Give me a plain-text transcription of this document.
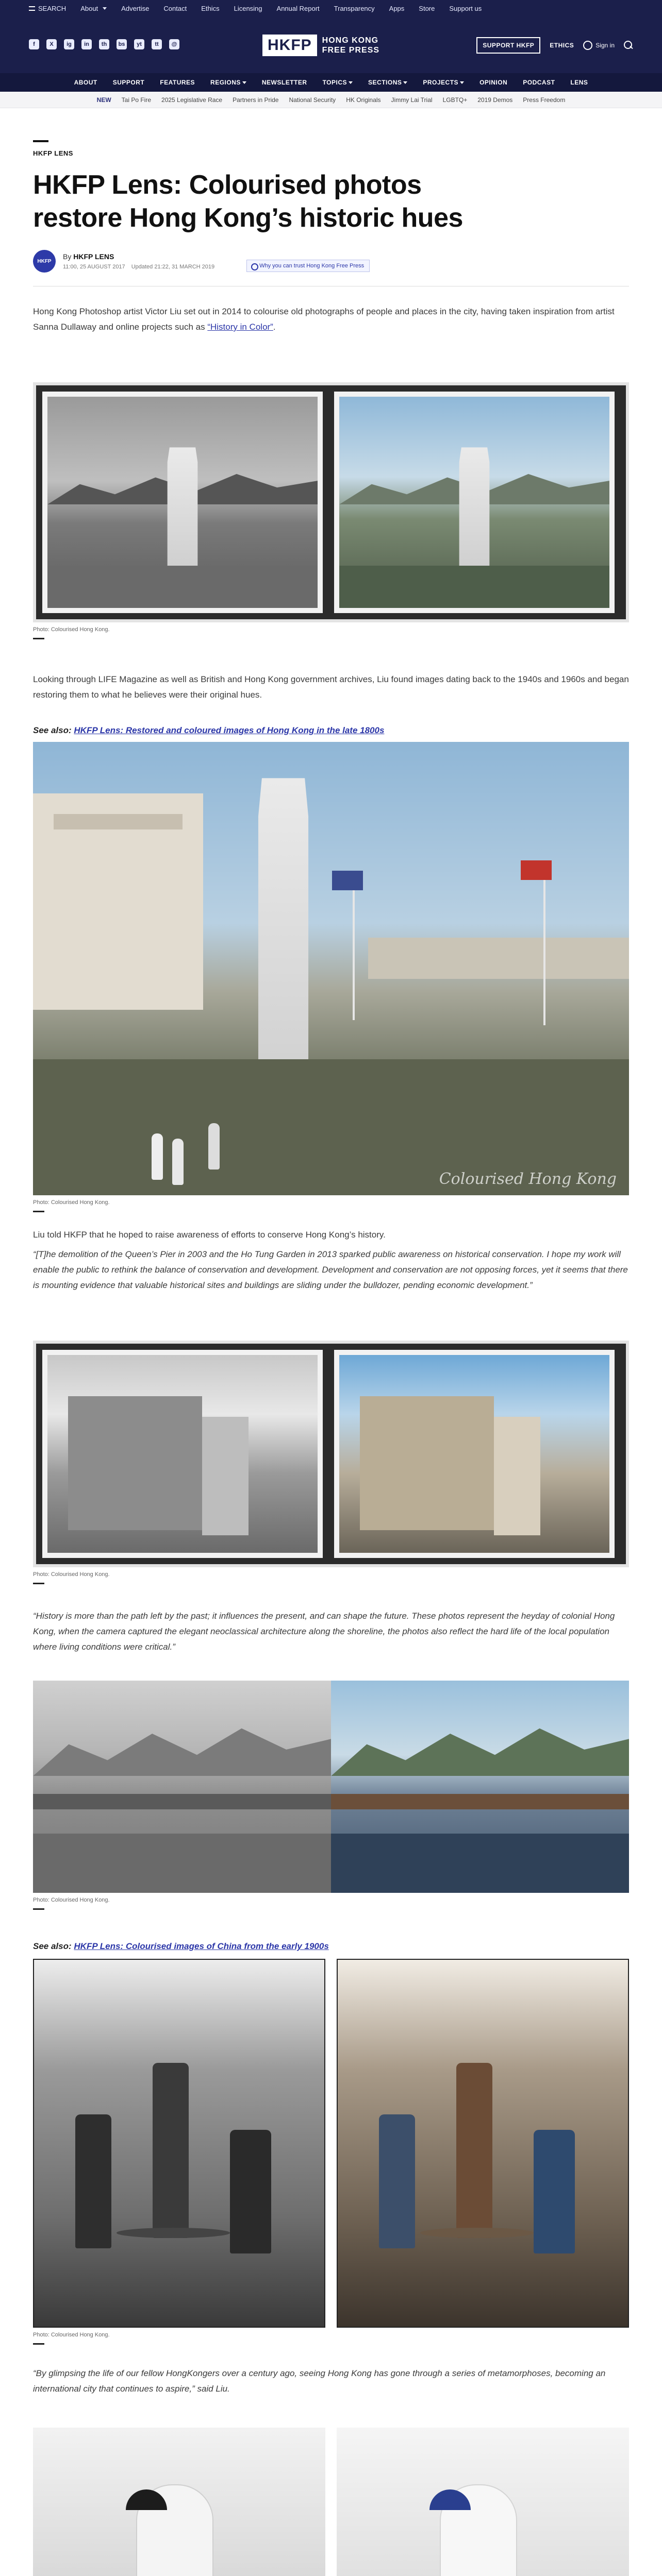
SEARCH About	Advertise Contact Ethics Licensing Annual Report Transparency Apps Store Support us
f	X	ig	in	th	bs	yt	tt	@	HKFP	HONG KONG
FREE PRESS
SUPPORT HKFP	ETHICS	Sign in
ABOUT	SUPPORT	FEATURES	REGIONS	NEWSLETTER	TOPICS	SECTIONS	PROJECTS	OPINION	PODCAST	LENS
NEW Tai Po Fire 2025 Legislative Race Partners in Pride National Security HK Originals Jimmy Lai Trial LGBTQ+ 2019 Demos Press Freedom
HKFP LENS
HKFP Lens: Colourised photos restore Hong Kong’s historic hues
HKFP
By HKFP LENS
11:00, 25 AUGUST 2017 Updated 21:22, 31 MARCH 2019	Why you can trust Hong Kong Free Press

Hong Kong Photoshop artist Victor Liu set out in 2014 to colourise old photographs of people and places in the city, having taken inspiration from artist Sanna Dullaway and online projects such as “History in Color”.

Photo: Colourised Hong Kong.

Looking through LIFE Magazine as well as British and Hong Kong government archives, Liu found images dating back to the 1940s and 1960s and began restoring them to what he believes were their original hues.

See also: HKFP Lens: Restored and coloured images of Hong Kong in the late 1800s
Colourised Hong Kong
Photo: Colourised Hong Kong.

Liu told HKFP that he hoped to raise awareness of efforts to conserve Hong Kong’s history.

“[T]he demolition of the Queen’s Pier in 2003 and the Ho Tung Garden in 2013 sparked public awareness on historical conservation. I hope my work will enable the public to rethink the balance of conservation and development. Development and conservation are not opposing forces, yet it seems that there is mounting evidence that valuable historical sites and buildings are sliding under the bulldozer, pending economic development.”

Photo: Colourised Hong Kong.

“History is more than the path left by the past; it influences the present, and can shape the future. These photos represent the heyday of colonial Hong Kong, when the camera captured the elegant neoclassical architecture along the shoreline, the photos also reflect the hard life of the local population where living conditions were critical.”

Photo: Colourised Hong Kong.
See also: HKFP Lens: Colourised images of China from the early 1900s
Photo: Colourised Hong Kong.

“By glimpsing the life of our fellow HongKongers over a century ago, seeing Hong Kong has gone through a series of metamorphoses, becoming an international city that continues to aspire,” said Liu.
